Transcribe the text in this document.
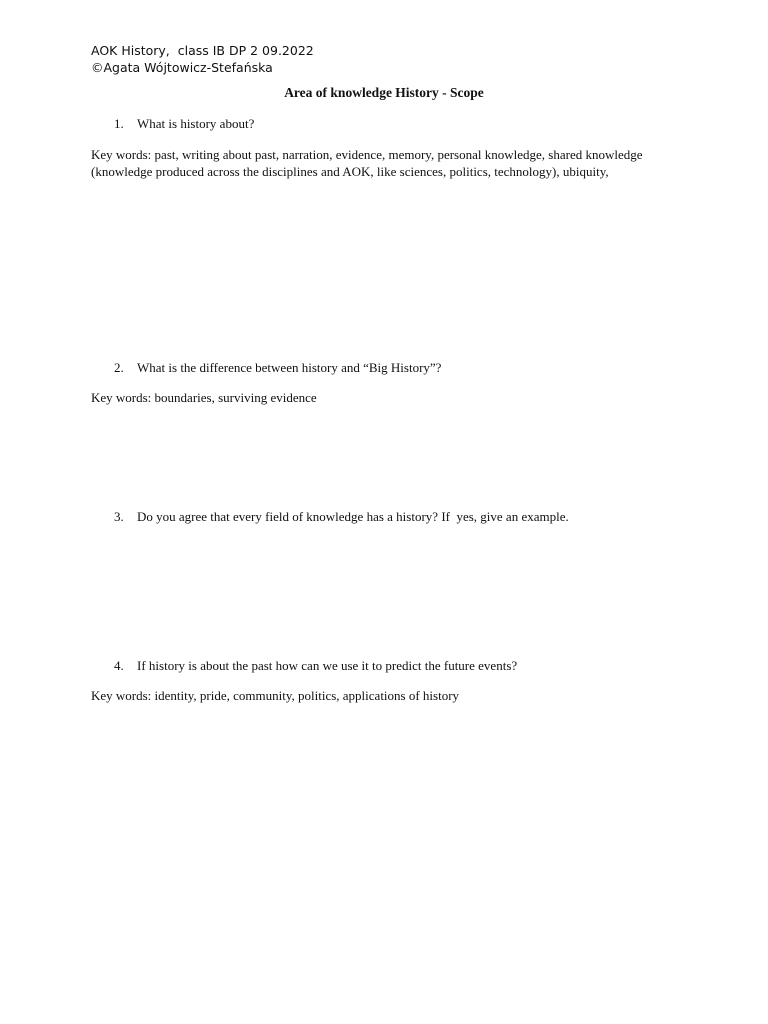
AOK History,  class IB DP 2 09.2022
©Agata Wójtowicz-Stefańska
Area of knowledge History - Scope
1. What is history about?
Key words: past, writing about past, narration, evidence, memory, personal knowledge, shared knowledge (knowledge produced across the disciplines and AOK, like sciences, politics, technology), ubiquity,
2. What is the difference between history and “Big History”?
Key words: boundaries, surviving evidence
3. Do you agree that every field of knowledge has a history? If  yes, give an example.
4. If history is about the past how can we use it to predict the future events?
Key words: identity, pride, community, politics, applications of history
